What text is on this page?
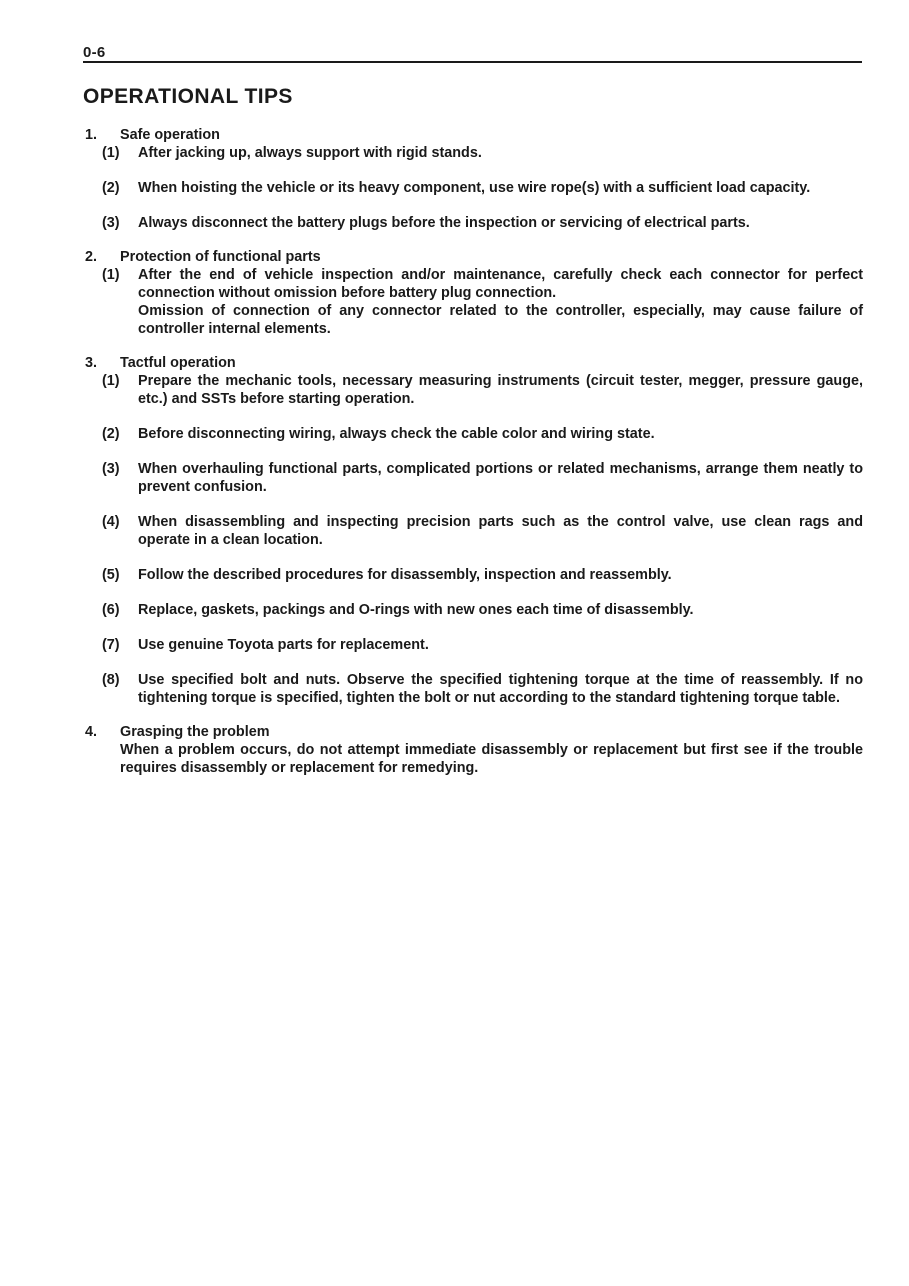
0-6
OPERATIONAL TIPS
1.	Safe operation
(1)	After jacking up, always support with rigid stands.

(2)	When hoisting the vehicle or its heavy component, use wire rope(s) with a sufficient load capacity.

(3)	Always disconnect the battery plugs before the inspection or servicing of electrical parts.

2.	Protection of functional parts
(1)	After the end of vehicle inspection and/or maintenance, carefully check each connector for perfect connection without omission before battery plug connection.

Omission of connection of any connector related to the controller, especially, may cause failure of controller internal elements.

3.	Tactful operation
(1)	Prepare the mechanic tools, necessary measuring instruments (circuit tester, megger, pressure gauge, etc.) and SSTs before starting operation.

(2)	Before disconnecting wiring, always check the cable color and wiring state.

(3)	When overhauling functional parts, complicated portions or related mechanisms, arrange them neatly to prevent confusion.

(4)	When disassembling and inspecting precision parts such as the control valve, use clean rags and operate in a clean location.

(5)	Follow the described procedures for disassembly, inspection and reassembly.

(6)	Replace, gaskets, packings and O-rings with new ones each time of disassembly.

(7)	Use genuine Toyota parts for replacement.

(8)	Use specified bolt and nuts. Observe the specified tightening torque at the time of reassembly. If no tightening torque is specified, tighten the bolt or nut according to the standard tightening torque table.

4.	Grasping the problem
When a problem occurs, do not attempt immediate disassembly or replacement but first see if the trouble requires disassembly or replacement for remedying.
